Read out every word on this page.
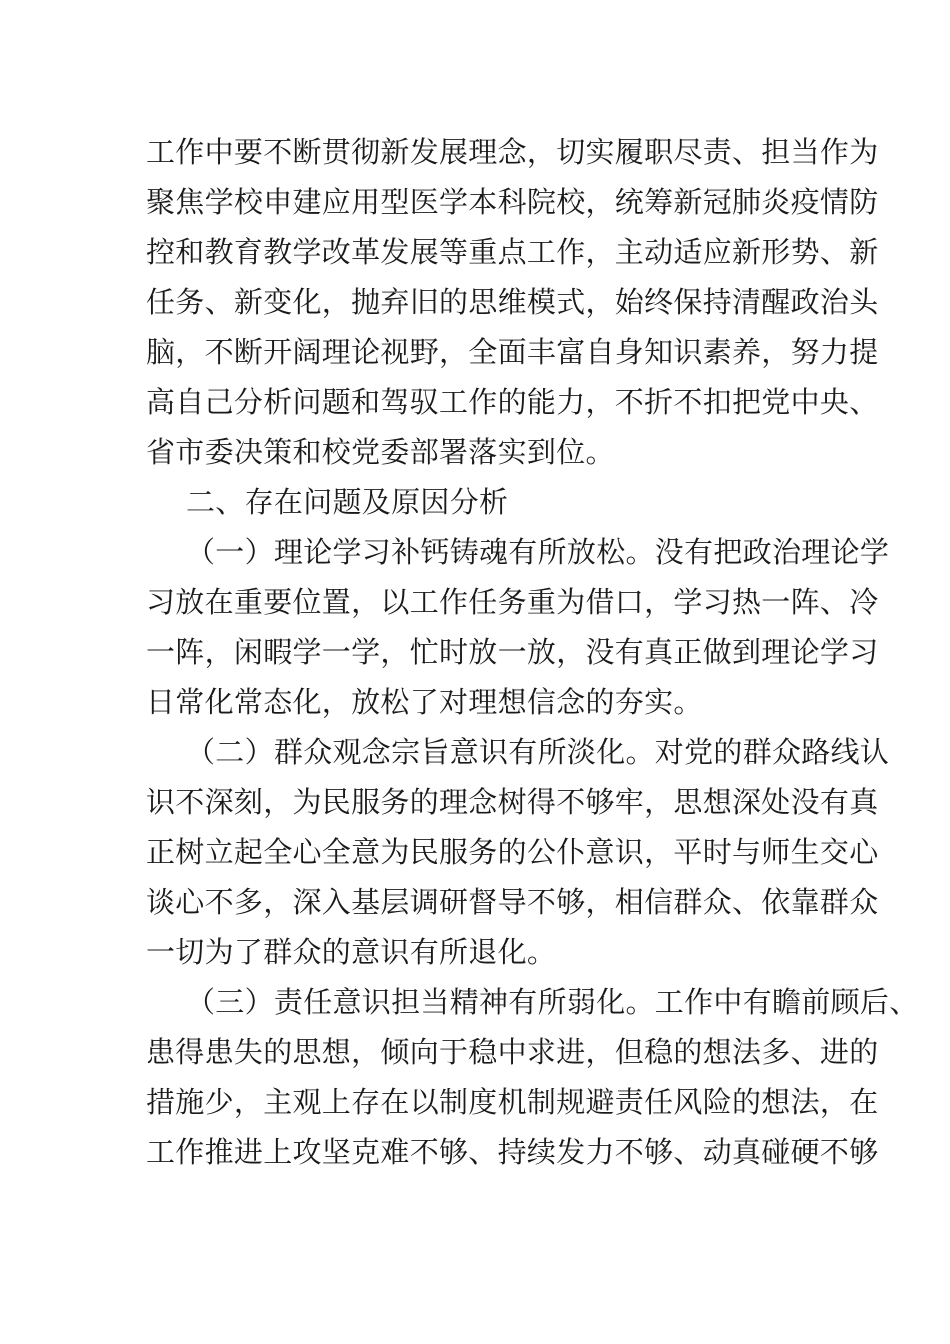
工作中要不断贯彻新发展理念，切实履职尽责、担当作为
聚焦学校申建应用型医学本科院校，统筹新冠肺炎疫情防
控和教育教学改革发展等重点工作，主动适应新形势、新
任务、新变化，抛弃旧的思维模式，始终保持清醒政治头
脑，不断开阔理论视野，全面丰富自身知识素养，努力提
高自己分析问题和驾驭工作的能力，不折不扣把党中央、
省市委决策和校党委部署落实到位。
二、存在问题及原因分析
（一）理论学习补钙铸魂有所放松。没有把政治理论学
习放在重要位置，以工作任务重为借口，学习热一阵、冷
一阵，闲暇学一学，忙时放一放，没有真正做到理论学习
日常化常态化，放松了对理想信念的夯实。
（二）群众观念宗旨意识有所淡化。对党的群众路线认
识不深刻，为民服务的理念树得不够牢，思想深处没有真
正树立起全心全意为民服务的公仆意识，平时与师生交心
谈心不多，深入基层调研督导不够，相信群众、依靠群众
一切为了群众的意识有所退化。
（三）责任意识担当精神有所弱化。工作中有瞻前顾后、
患得患失的思想，倾向于稳中求进，但稳的想法多、进的
措施少，主观上存在以制度机制规避责任风险的想法，在
工作推进上攻坚克难不够、持续发力不够、动真碰硬不够
